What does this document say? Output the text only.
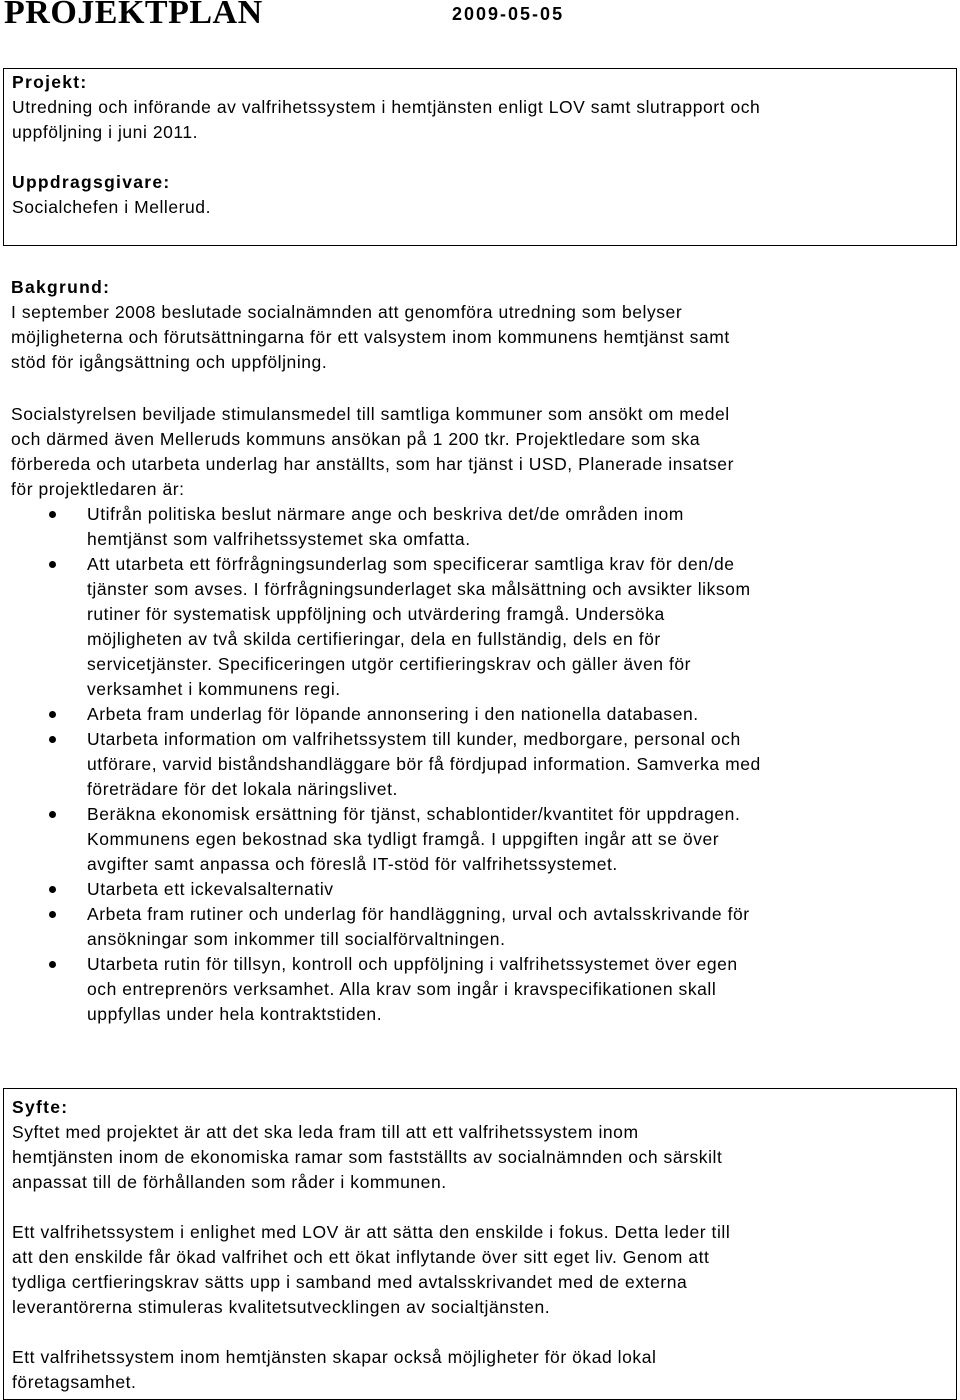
PROJEKTPLAN	2009-05-05
Projekt:
Utredning och införande av valfrihetssystem i hemtjänsten enligt LOV samt slutrapport och
uppföljning i juni 2011.
Uppdragsgivare:
Socialchefen i Mellerud.
Bakgrund:
I september 2008 beslutade socialnämnden att genomföra utredning som belyser
möjligheterna och förutsättningarna för ett valsystem inom kommunens hemtjänst samt
stöd för igångsättning och uppföljning.
Socialstyrelsen beviljade stimulansmedel till samtliga kommuner som ansökt om medel
och därmed även Melleruds kommuns ansökan på 1 200 tkr. Projektledare som ska
förbereda och utarbeta underlag har anställts, som har tjänst i USD, Planerade insatser
för projektledaren är:
Utifrån politiska beslut närmare ange och beskriva det/de områden inom
hemtjänst som valfrihetssystemet ska omfatta.
Att utarbeta ett förfrågningsunderlag som specificerar samtliga krav för den/de
tjänster som avses. I förfrågningsunderlaget ska målsättning och avsikter liksom
rutiner för systematisk uppföljning och utvärdering framgå. Undersöka
möjligheten av två skilda certifieringar, dela en fullständig, dels en för
servicetjänster. Specificeringen utgör certifieringskrav och gäller även för
verksamhet i kommunens regi.
Arbeta fram underlag för löpande annonsering i den nationella databasen.
Utarbeta information om valfrihetssystem till kunder, medborgare, personal och
utförare, varvid biståndshandläggare bör få fördjupad information. Samverka med
företrädare för det lokala näringslivet.
Beräkna ekonomisk ersättning för tjänst, schablontider/kvantitet för uppdragen.
Kommunens egen bekostnad ska tydligt framgå. I uppgiften ingår att se över
avgifter samt anpassa och föreslå IT-stöd för valfrihetssystemet.
Utarbeta ett ickevalsalternativ
Arbeta fram rutiner och underlag för handläggning, urval och avtalsskrivande för
ansökningar som inkommer till socialförvaltningen.
Utarbeta rutin för tillsyn, kontroll och uppföljning i valfrihetssystemet över egen
och entreprenörs verksamhet. Alla krav som ingår i kravspecifikationen skall
uppfyllas under hela kontraktstiden.
Syfte:
Syftet med projektet är att det ska leda fram till att ett valfrihetssystem inom
hemtjänsten inom de ekonomiska ramar som fastställts av socialnämnden och särskilt
anpassat till de förhållanden som råder i kommunen.
Ett valfrihetssystem i enlighet med LOV är att sätta den enskilde i fokus. Detta leder till
att den enskilde får ökad valfrihet och ett ökat inflytande över sitt eget liv. Genom att
tydliga certfieringskrav sätts upp i samband med avtalsskrivandet med de externa
leverantörerna stimuleras kvalitetsutvecklingen av socialtjänsten.
Ett valfrihetssystem inom hemtjänsten skapar också möjligheter för ökad lokal
företagsamhet.
